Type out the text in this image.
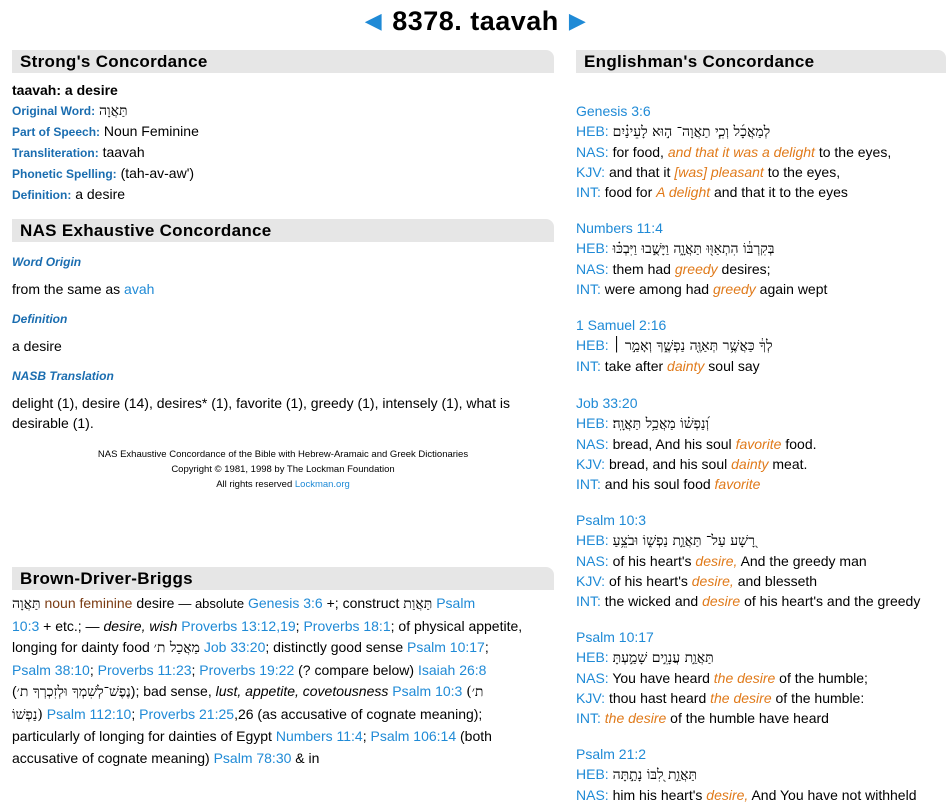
◀ 8378. taavah ▶
Strong's Concordance
taavah: a desire
Original Word: תַּאֲוָה
Part of Speech: Noun Feminine
Transliteration: taavah
Phonetic Spelling: (tah-av-aw')
Definition: a desire
NAS Exhaustive Concordance
Word Origin
from the same as avah
Definition
a desire
NASB Translation
delight (1), desire (14), desires* (1), favorite (1), greedy (1), intensely (1), what is desirable (1).
NAS Exhaustive Concordance of the Bible with Hebrew-Aramaic and Greek Dictionaries
Copyright © 1981, 1998 by The Lockman Foundation
All rights reserved Lockman.org
Brown-Driver-Briggs
תַּאֲוָה noun feminine desire — absolute Genesis 3:6 +; construct תַּאֲוַת Psalm
10:3 + etc.; — desire, wish Proverbs 13:12,19; Proverbs 18:1; of physical appetite,
longing for dainty food מַאֲכַל ת׳ Job 33:20; distinctly good sense Psalm 10:17;
Psalm 38:10; Proverbs 11:23; Proverbs 19:22 (? compare below) Isaiah 26:8
(נֶפֶשׁ־לְשִׁמְךָ וּלְזִכְרְךָ ת׳); bad sense, lust, appetite, covetousness Psalm 10:3 (ת׳
נַפְשׁוֹ) Psalm 112:10; Proverbs 21:25,26 (as accusative of cognate meaning);
particularly of longing for dainties of Egypt Numbers 11:4; Psalm 106:14 (both
accusative of cognate meaning) Psalm 78:30 & in
Englishman's Concordance
Genesis 3:6
HEB: לְמַאֲכָ֜ל וְכִ֧י תַאֲוָה־ ה֣וּא לָעֵינַ֗יִם
NAS: for food, and that it was a delight to the eyes,
KJV: and that it [was] pleasant to the eyes,
INT: food for A delight and that it to the eyes
Numbers 11:4
HEB: בְּקִרְבּ֔וֹ הִתְאַוּ֖וּ תַּאֲוָ֑ה וַיָּשֻׁ֣בוּ וַיִּבְכּ֗וּ
NAS: them had greedy desires;
INT: were among had greedy again wept
1 Samuel 2:16
HEB: לְךָ֔ כַּאֲשֶׁ֥ר תְּאַוֶּ֖ה נַפְשֶׁ֑ךָ וְאָמַ֣ר ׀
INT: take after dainty soul say
Job 33:20
HEB: וְ֝נַפְשׁ֗וֹ מַאֲכַ֥ל תַּאֲוָֽה׃
NAS: bread, And his soul favorite food.
KJV: bread, and his soul dainty meat.
INT: and his soul food favorite
Psalm 10:3
HEB: רָ֭שָׁע עַל־ תַּאֲוַ֣ת נַפְשׁ֑וֹ וּבֹצֵ֥עַ
NAS: of his heart's desire, And the greedy man
KJV: of his heart's desire, and blesseth
INT: the wicked and desire of his heart's and the greedy
Psalm 10:17
HEB: תַּאֲוַ֣ת עֲנָוִ֣ים שָׁמַ֣עְתָּ
NAS: You have heard the desire of the humble;
KJV: thou hast heard the desire of the humble:
INT: the desire of the humble have heard
Psalm 21:2
HEB: תַּאֲוַ֣ת לִ֭בּוֹ נָתַ֣תָּה
NAS: him his heart's desire, And You have not withheld
